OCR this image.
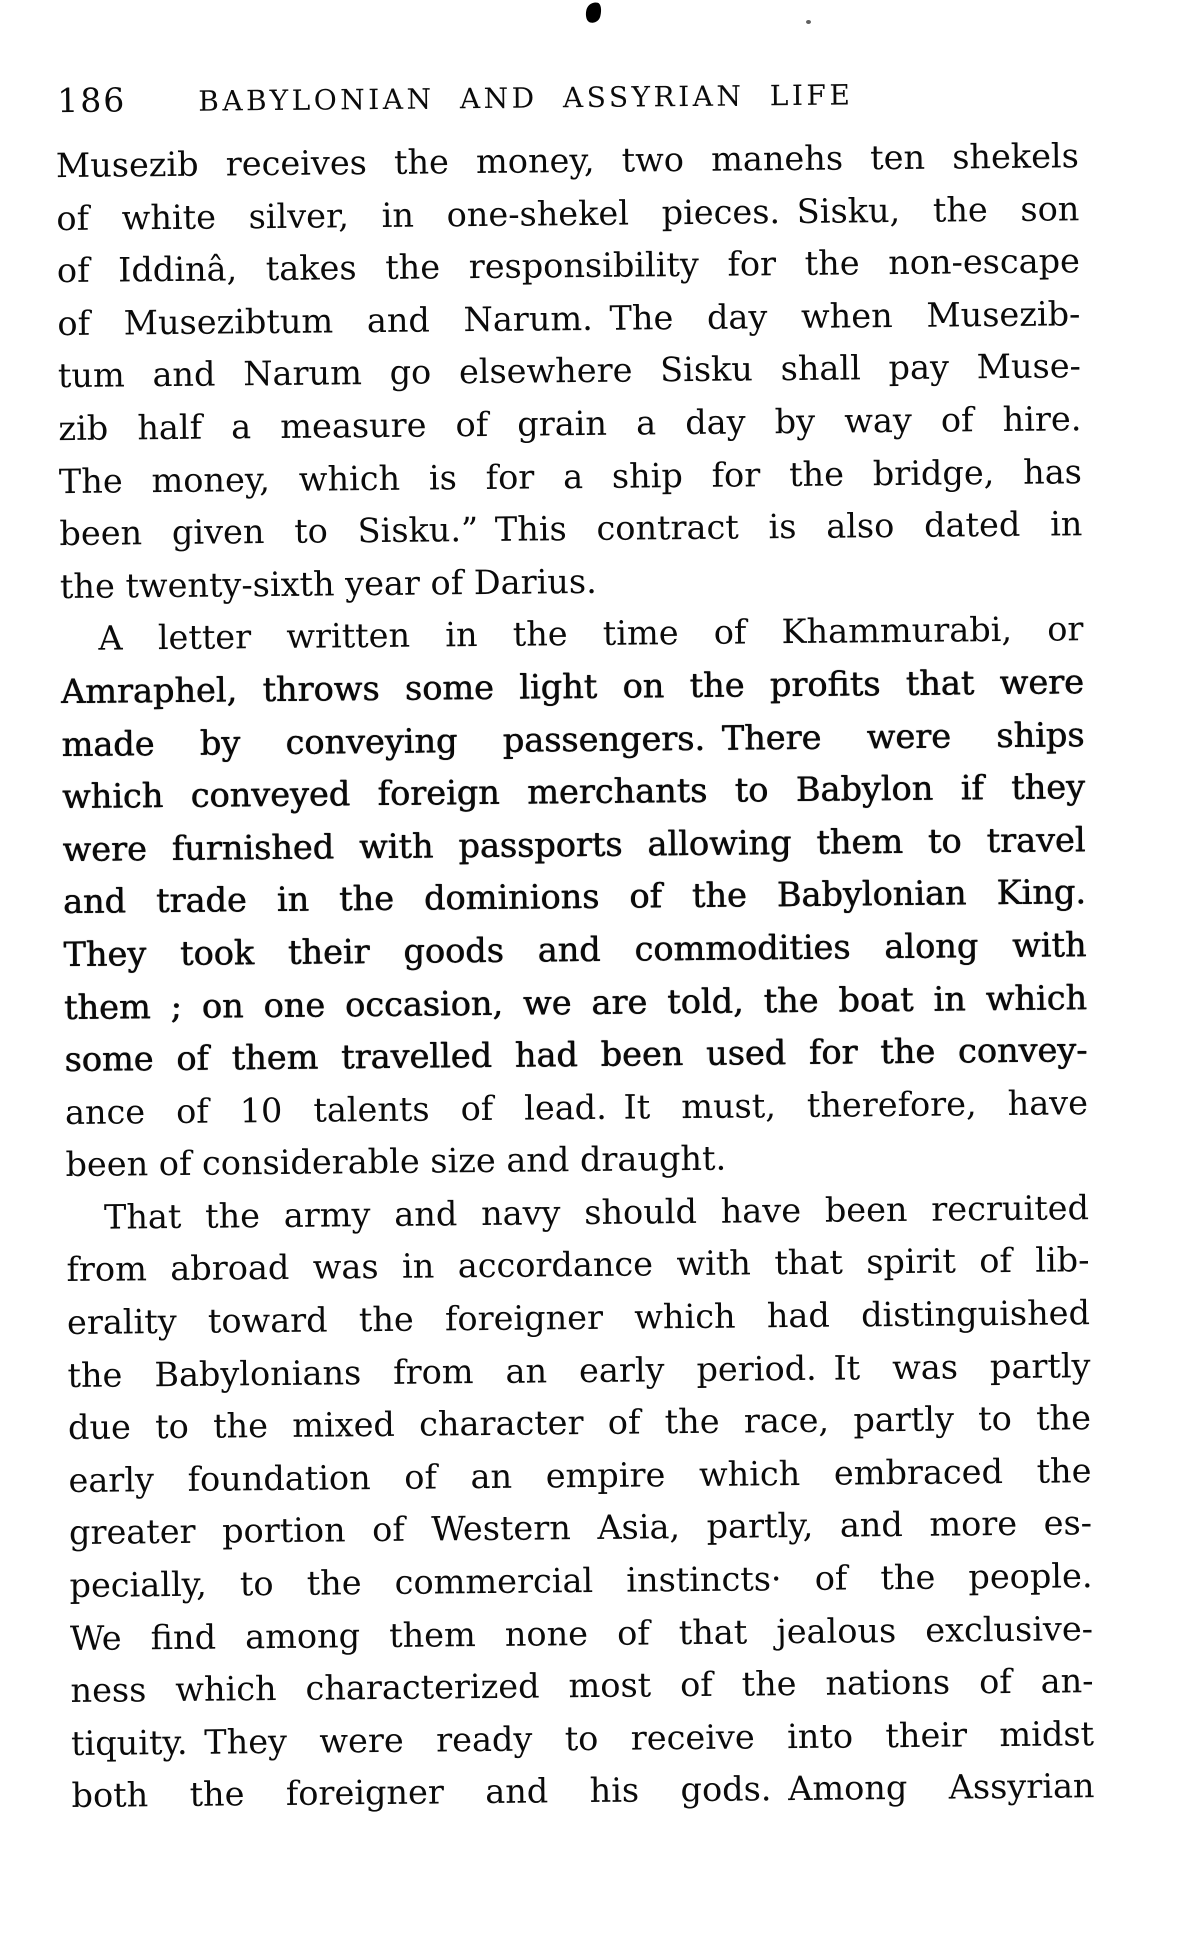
186	BABYLONIAN AND ASSYRIAN LIFE
Musezib receives the money, two manehs ten shekels
of white silver, in one-shekel pieces. Sisku, the son
of Iddinâ, takes the responsibility for the non-escape
of Musezibtum and Narum. The day when Musezib-
tum and Narum go elsewhere Sisku shall pay Muse-
zib half a measure of grain a day by way of hire.
The money, which is for a ship for the bridge, has
been given to Sisku.” This contract is also dated in
the twenty-sixth year of Darius.
A letter written in the time of Khammurabi, or
Amraphel, throws some light on the profits that were
made by conveying passengers. There were ships
which conveyed foreign merchants to Babylon if they
were furnished with passports allowing them to travel
and trade in the dominions of the Babylonian King.
They took their goods and commodities along with
them ; on one occasion, we are told, the boat in which
some of them travelled had been used for the convey-
ance of 10 talents of lead. It must, therefore, have
been of considerable size and draught.
That the army and navy should have been recruited
from abroad was in accordance with that spirit of lib-
erality toward the foreigner which had distinguished
the Babylonians from an early period. It was partly
due to the mixed character of the race, partly to the
early foundation of an empire which embraced the
greater portion of Western Asia, partly, and more es-
pecially, to the commercial instincts· of the people.
We find among them none of that jealous exclusive-
ness which characterized most of the nations of an-
tiquity. They were ready to receive into their midst
both the foreigner and his gods. Among Assyrian
